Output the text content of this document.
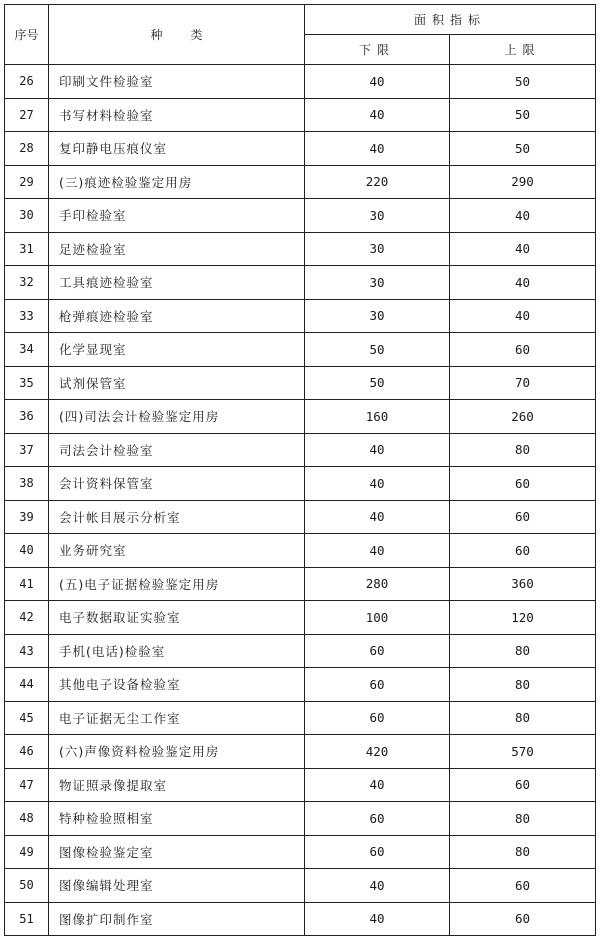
序号	种类	面积指标	
		下限	上限
26	印刷文件检验室	40	50
27	书写材料检验室	40	50
28	复印静电压痕仪室	40	50
29	(三)痕迹检验鉴定用房	220	290
30	手印检验室	30	40
31	足迹检验室	30	40
32	工具痕迹检验室	30	40
33	枪弹痕迹检验室	30	40
34	化学显现室	50	60
35	试剂保管室	50	70
36	(四)司法会计检验鉴定用房	160	260
37	司法会计检验室	40	80
38	会计资料保管室	40	60
39	会计帐目展示分析室	40	60
40	业务研究室	40	60
41	(五)电子证据检验鉴定用房	280	360
42	电子数据取证实验室	100	120
43	手机(电话)检验室	60	80
44	其他电子设备检验室	60	80
45	电子证据无尘工作室	60	80
46	(六)声像资料检验鉴定用房	420	570
47	物证照录像提取室	40	60
48	特种检验照相室	60	80
49	图像检验鉴定室	60	80
50	图像编辑处理室	40	60
51	图像扩印制作室	40	60
